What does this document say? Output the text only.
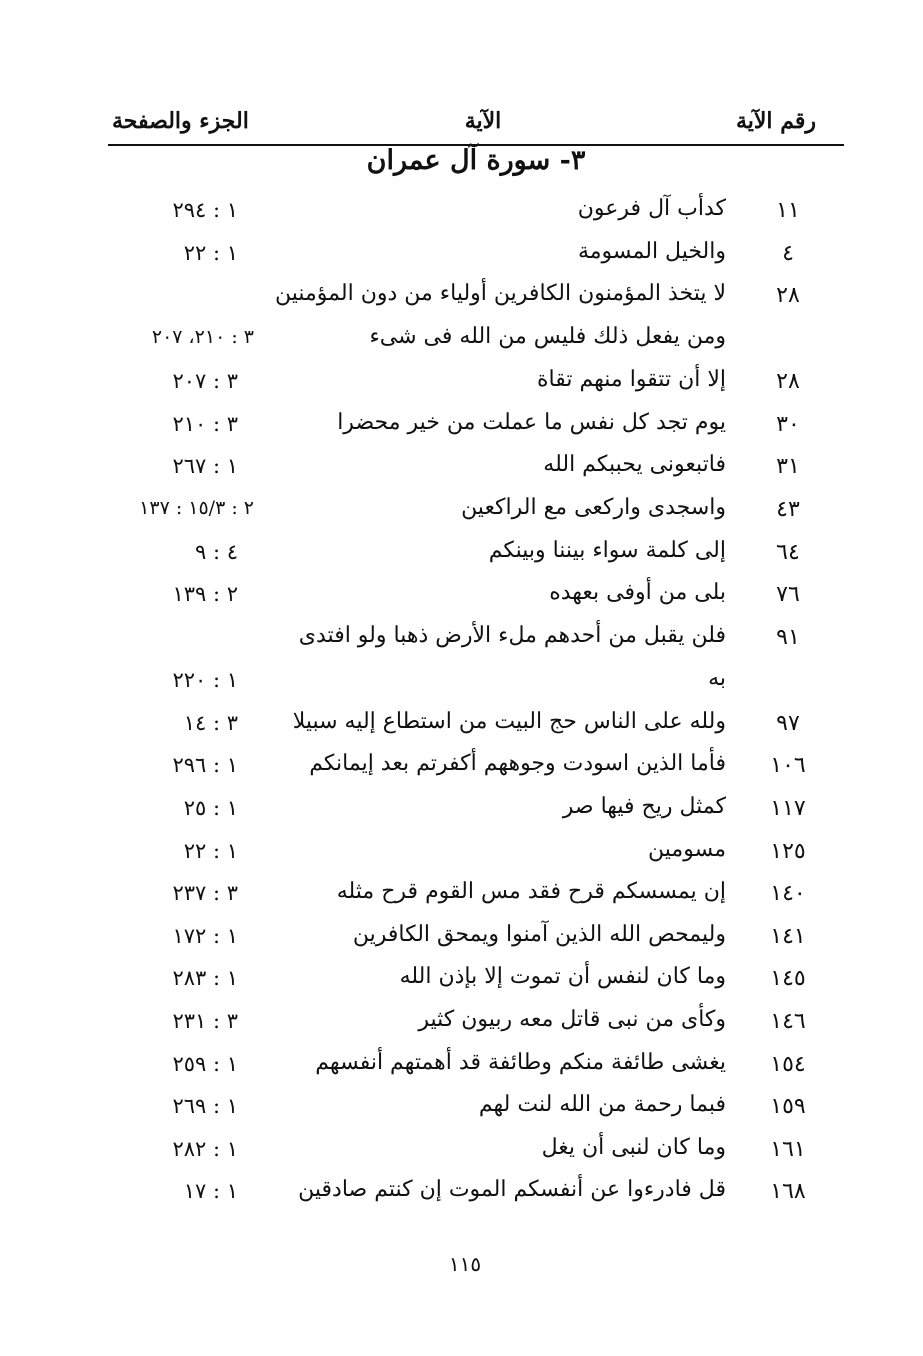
رقم الآية
الآية
الجزء والصفحة
٣- سورة آل عمران
١١
كدأب آل فرعون
١ : ٢٩٤
٤
والخيل المسومة
١ : ٢٢
٢٨
لا يتخذ المؤمنون الكافرين أولياء من دون المؤمنين
ومن يفعل ذلك فليس من الله فى شىء
٣ : ٢١٠، ٢٠٧
٢٨
إلا أن تتقوا منهم تقاة
٣ : ٢٠٧
٣٠
يوم تجد كل نفس ما عملت من خير محضرا
٣ : ٢١٠
٣١
فاتبعونى يحببكم الله
١ : ٢٦٧
٤٣
واسجدى واركعى مع الراكعين
٢ : ١٥/٣ : ١٣٧
٦٤
إلى كلمة سواء بيننا وبينكم
٤ : ٩
٧٦
بلى من أوفى بعهده
٢ : ١٣٩
٩١
فلن يقبل من أحدهم ملء الأرض ذهبا ولو افتدى
به
١ : ٢٢٠
٩٧
ولله على الناس حج البيت من استطاع إليه سبيلا
٣ : ١٤
١٠٦
فأما الذين اسودت وجوههم أكفرتم بعد إيمانكم
١ : ٢٩٦
١١٧
كمثل ريح فيها صر
١ : ٢٥
١٢٥
مسومين
١ : ٢٢
١٤٠
إن يمسسكم قرح فقد مس القوم قرح مثله
٣ : ٢٣٧
١٤١
وليمحص الله الذين آمنوا ويمحق الكافرين
١ : ١٧٢
١٤٥
وما كان لنفس أن تموت إلا بإذن الله
١ : ٢٨٣
١٤٦
وكأى من نبى قاتل معه ربيون كثير
٣ : ٢٣١
١٥٤
يغشى طائفة منكم وطائفة قد أهمتهم أنفسهم
١ : ٢٥٩
١٥٩
فبما رحمة من الله لنت لهم
١ : ٢٦٩
١٦١
وما كان لنبى أن يغل
١ : ٢٨٢
١٦٨
قل فادرءوا عن أنفسكم الموت إن كنتم صادقين
١ : ١٧
١١٥
